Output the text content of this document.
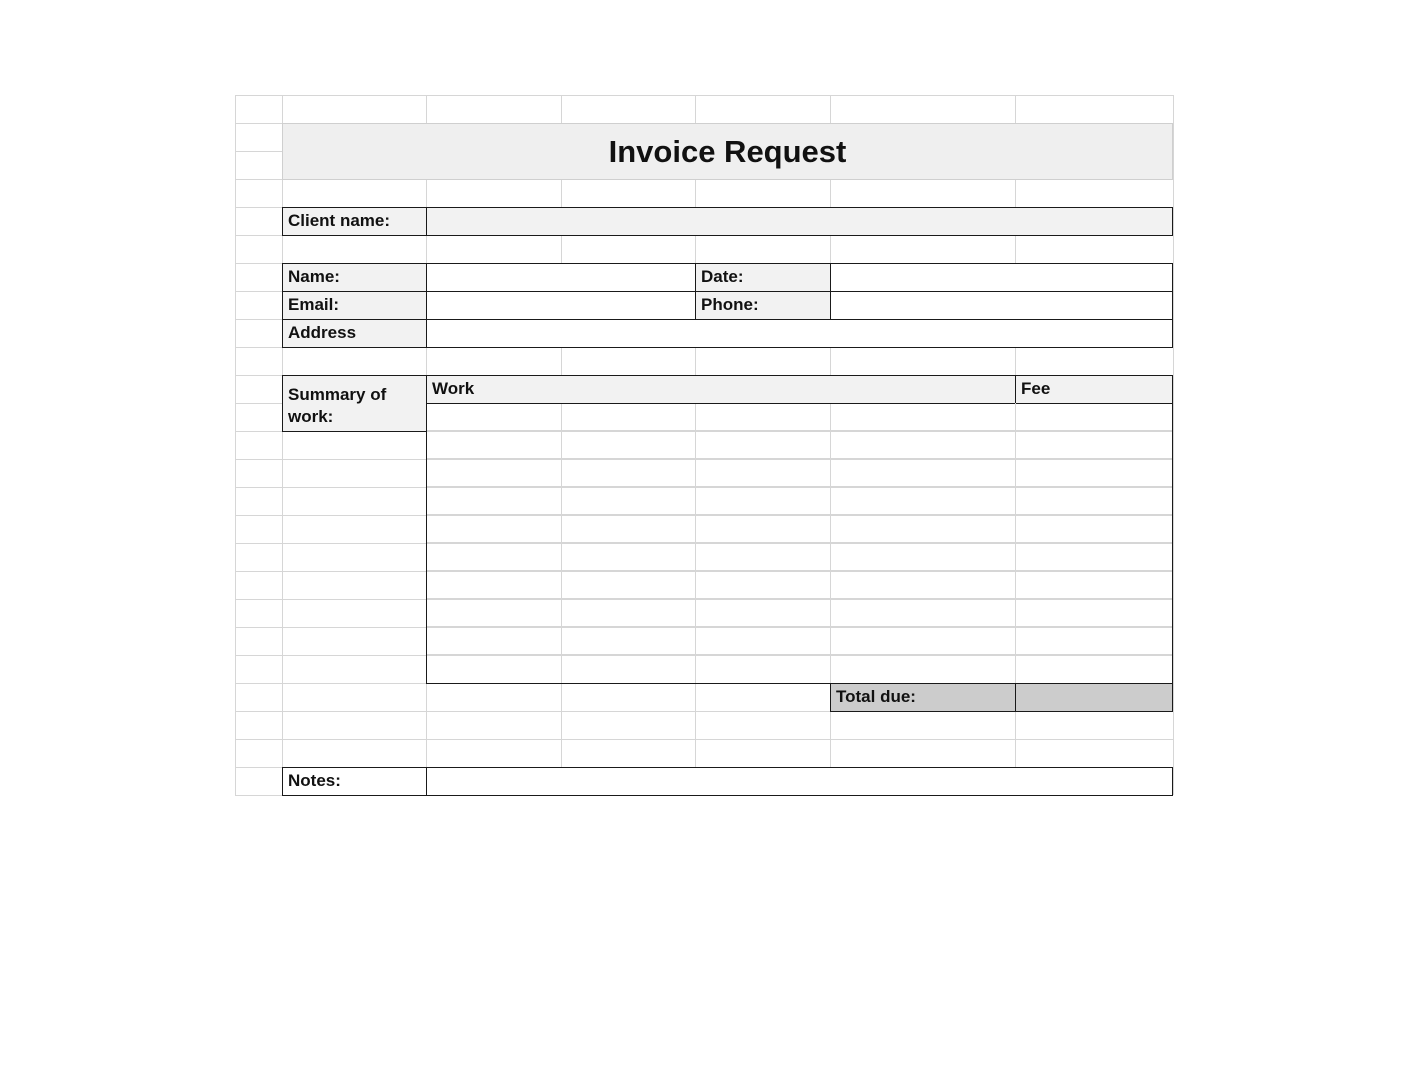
Invoice Request
Client name:
Name:	Date:
Email:	Phone:
Address
Summary of work:
Work	Fee
Total due:
Notes:
